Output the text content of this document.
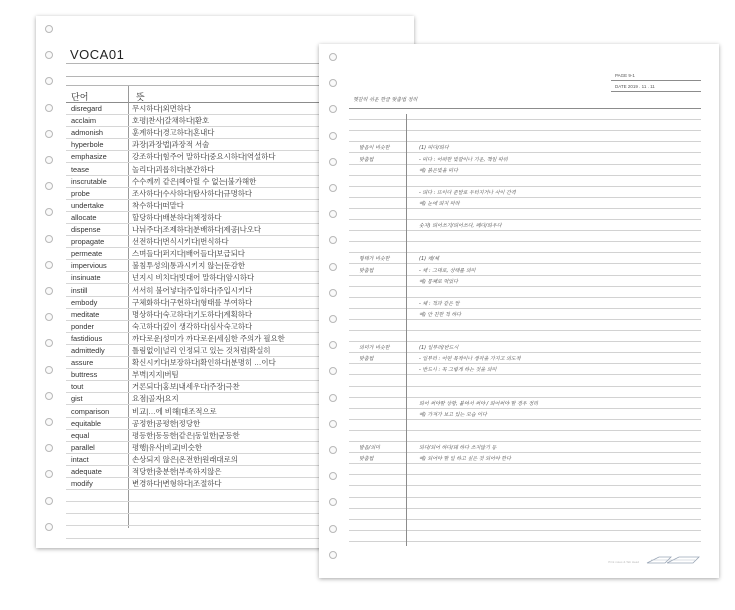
VOCA01
단어	뜻
disregard	무시하다|외면하다
acclaim	호평|찬사|갈채하다|환호
admonish	훈계하다|경고하다|혼내다
hyperbole	과장|과장법|과장적 서술
emphasize	강조하다|힘주어 말하다|중요시하다|역설하다
tease	놀리다|괴롭히다|분간하다
inscrutable	수수께끼 같은|헤아릴 수 없는|불가해한
probe	조사하다|수사하다|탐사하다|규명하다
undertake	착수하다|떠맡다
allocate	할당하다|배분하다|책정하다
dispense	나눠주다|조제하다|분배하다|제공|나오다
propagate	선전하다|번식시키다|번식하다
permeate	스며들다|퍼지다|배어들다|보급되다
impervious	불침투성의|통과시키지 않는|둔감한
insinuate	넌지시 비치다|빗대어 말하다|암시하다
instill	서서히 불어넣다|주입하다|주입시키다
embody	구체화하다|구현하다|형태를 부여하다
meditate	명상하다|숙고하다|기도하다|계획하다
ponder	숙고하다|깊이 생각하다|심사숙고하다
fastidious	까다로운|성미가 까다로운|세심한 주의가 필요한
admittedly	틀림없이|널리 인정되고 있는 것처럼|확실히
assure	확신시키다|보장하다|확인하다|분명히 …이다
buttress	부벽|지지|버팀
tout	거론되다|홍보|내세우다|주장|극찬
gist	요점|골자|요지
comparison	비교|…에 비해|대조적으로
equitable	공정한|공평한|정당한
equal	평등한|동등한|같은|동일한|균등한
parallel	평행|유사|비교|비슷한
intact	손상되지 않은|온전한|원래대로의
adequate	적당한|충분한|부족하지않은
modify	변경하다|변형하다|조절하다
PAGE 9-1
DATE 2019 . 11 . 11
헷갈리 쉬운 한글 맞춤법 정리
발음이 비슷한	(1) 띠다/띄다
맞춤법	- 띠다 : 어떠한 빛깔이나 기운, 책임 따위
예) 붉은빛을 띠다
- 띄다 : 뜨이다 준말로 두터지거나 사이 간격
예) 눈에 띄지 마라
숫자) 띄어쓰기/띄어쓰다, 떼다/띄우다
형태가 비슷한	(1) 채/체
맞춤법	- 채 : 그대로, 상태를 의미
예) 통째로 먹었다
- 체 : 척과 같은 말
예) 안 친한 척 하다
의미가 비슷한	(1) 일부러/반드시
맞춤법	- 일부러 : 어떤 목적이나 생각을 가지고 의도적
- 반드시 : 꼭 그렇게 하는 것을 의미
띄어 써야할 상황, 붙여서 써야 / 띄어써야 할 경우 정리
예) 가져가 보고 있는 모습 이다
발음/의미	되다/되어 하다/돼 하다 쓰지않기 등
맞춤법	예) 되어야 할 일 하고 싶은 것 되어야 한다
Print notes & Tab Head
